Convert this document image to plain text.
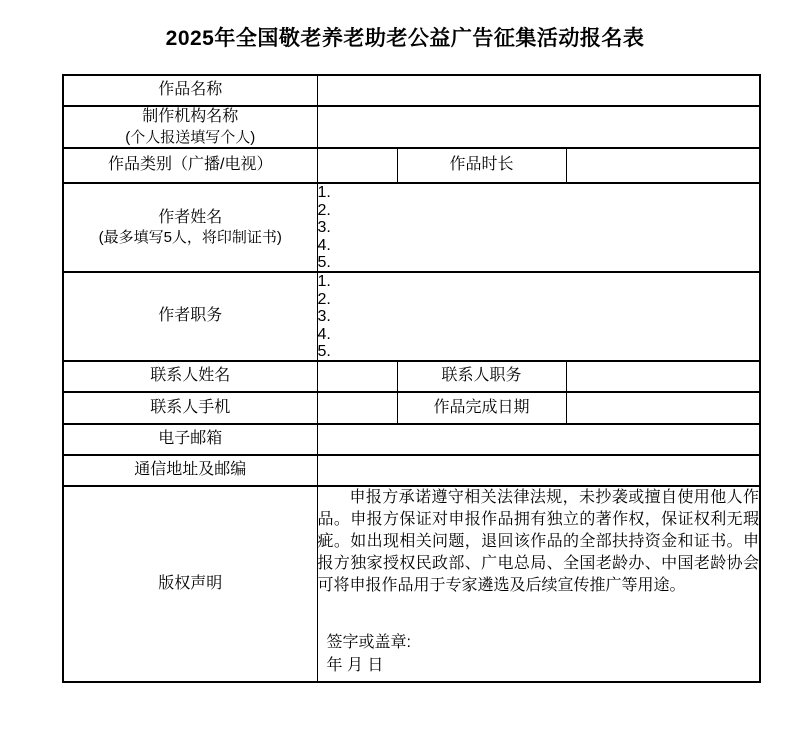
2025年全国敬老养老助老公益广告征集活动报名表
作品名称			

制作机构名称
(个人报送填写个人)			

作品类别（广播/电视）		作品时长	

作者姓名
(最多填写5人，将印制证书)

1.
2.
3.
4.
5.

作者职务	1.
2.
3.
4.
5.		

联系人姓名		联系人职务	
联系人手机		作品完成日期	
电子邮箱			
通信地址及邮编			
版权声明	申报方承诺遵守相关法律法规，未抄袭或擅自使用他人作品。申报方保证对申报作品拥有独立的著作权，保证权利无瑕疵。如出现相关问题，退回该作品的全部扶持资金和证书。申报方独家授权民政部、广电总局、全国老龄办、中国老龄协会可将申报作品用于专家遴选及后续宣传推广等用途。

签字或盖章:
年 月 日		
